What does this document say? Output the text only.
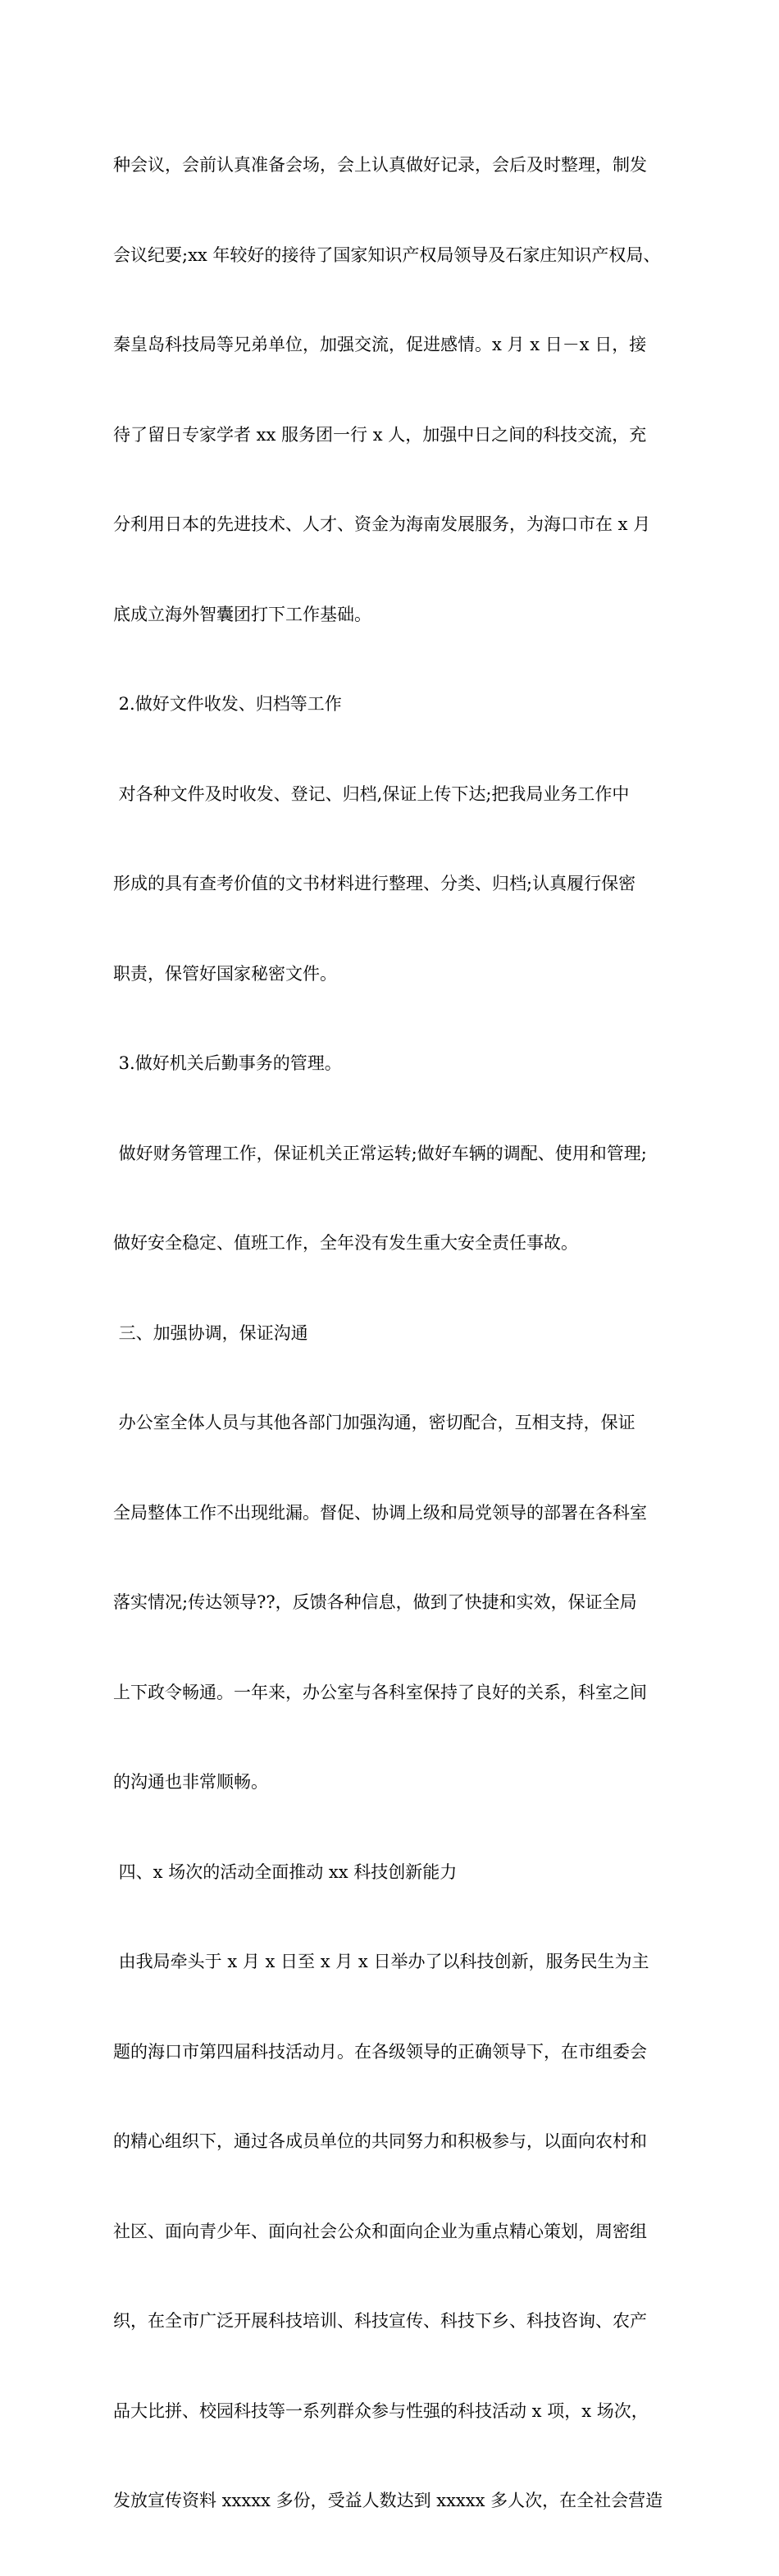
种会议，会前认真准备会场，会上认真做好记录，会后及时整理，制发

会议纪要;xx 年较好的接待了国家知识产权局领导及石家庄知识产权局、

秦皇岛科技局等兄弟单位，加强交流，促进感情。x 月 x 日－x 日，接

待了留日专家学者 xx 服务团一行 x 人，加强中日之间的科技交流，充

分利用日本的先进技术、人才、资金为海南发展服务，为海口市在 x 月

底成立海外智囊团打下工作基础。

2.做好文件收发、归档等工作

对各种文件及时收发、登记、归档,保证上传下达;把我局业务工作中

形成的具有查考价值的文书材料进行整理、分类、归档;认真履行保密

职责，保管好国家秘密文件。

3.做好机关后勤事务的管理。

做好财务管理工作，保证机关正常运转;做好车辆的调配、使用和管理;

做好安全稳定、值班工作，全年没有发生重大安全责任事故。

三、加强协调，保证沟通

办公室全体人员与其他各部门加强沟通，密切配合，互相支持，保证

全局整体工作不出现纰漏。督促、协调上级和局党领导的部署在各科室

落实情况;传达领导??，反馈各种信息，做到了快捷和实效，保证全局

上下政令畅通。一年来，办公室与各科室保持了良好的关系，科室之间

的沟通也非常顺畅。

四、x 场次的活动全面推动 xx 科技创新能力

由我局牵头于 x 月 x 日至 x 月 x 日举办了以科技创新，服务民生为主

题的海口市第四届科技活动月。在各级领导的正确领导下，在市组委会

的精心组织下，通过各成员单位的共同努力和积极参与，以面向农村和

社区、面向青少年、面向社会公众和面向企业为重点精心策划，周密组

织，在全市广泛开展科技培训、科技宣传、科技下乡、科技咨询、农产

品大比拼、校园科技等一系列群众参与性强的科技活动 x 项，x 场次，

发放宣传资料 xxxxx 多份，受益人数达到 xxxxx 多人次，在全社会营造
